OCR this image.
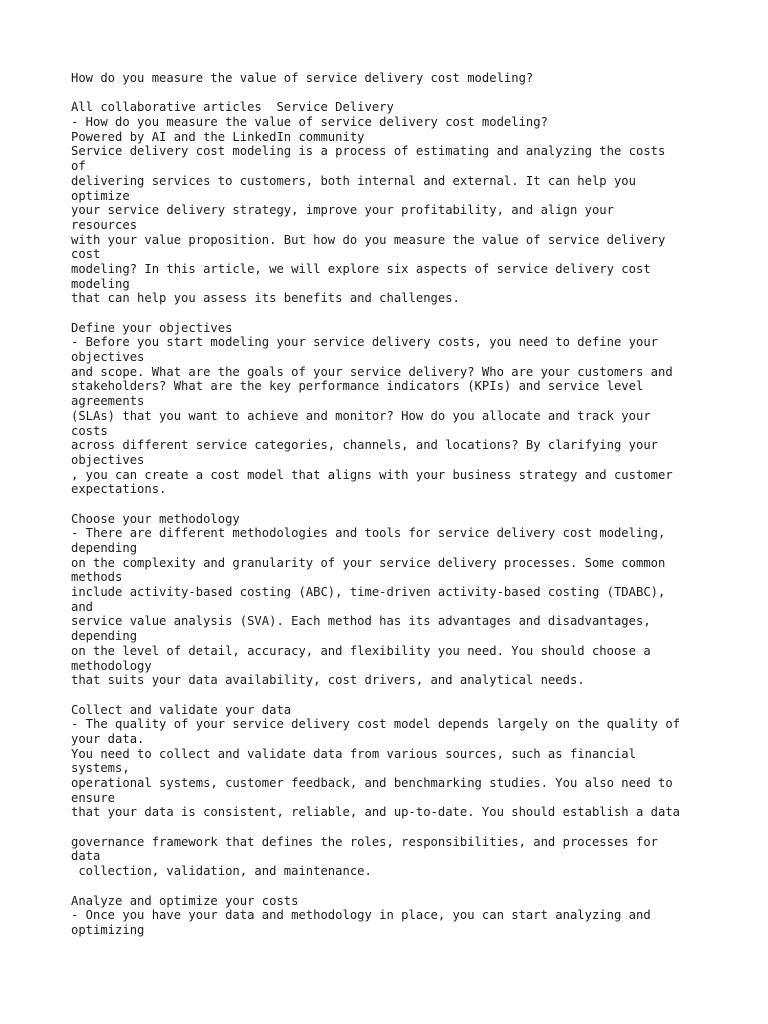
How do you measure the value of service delivery cost modeling?
All collaborative articles  Service Delivery
- How do you measure the value of service delivery cost modeling?
Powered by AI and the LinkedIn community
Service delivery cost modeling is a process of estimating and analyzing the costs
of
delivering services to customers, both internal and external. It can help you
optimize
your service delivery strategy, improve your profitability, and align your
resources
with your value proposition. But how do you measure the value of service delivery
cost
modeling? In this article, we will explore six aspects of service delivery cost
modeling
that can help you assess its benefits and challenges.
Define your objectives
- Before you start modeling your service delivery costs, you need to define your
objectives
and scope. What are the goals of your service delivery? Who are your customers and
stakeholders? What are the key performance indicators (KPIs) and service level
agreements
(SLAs) that you want to achieve and monitor? How do you allocate and track your
costs
across different service categories, channels, and locations? By clarifying your
objectives
, you can create a cost model that aligns with your business strategy and customer
expectations.
Choose your methodology
- There are different methodologies and tools for service delivery cost modeling,
depending
on the complexity and granularity of your service delivery processes. Some common
methods
include activity-based costing (ABC), time-driven activity-based costing (TDABC),
and
service value analysis (SVA). Each method has its advantages and disadvantages,
depending
on the level of detail, accuracy, and flexibility you need. You should choose a
methodology
that suits your data availability, cost drivers, and analytical needs.
Collect and validate your data
- The quality of your service delivery cost model depends largely on the quality of
your data.
You need to collect and validate data from various sources, such as financial
systems,
operational systems, customer feedback, and benchmarking studies. You also need to
ensure
that your data is consistent, reliable, and up-to-date. You should establish a data
governance framework that defines the roles, responsibilities, and processes for
data
collection, validation, and maintenance.
Analyze and optimize your costs
- Once you have your data and methodology in place, you can start analyzing and
optimizing
